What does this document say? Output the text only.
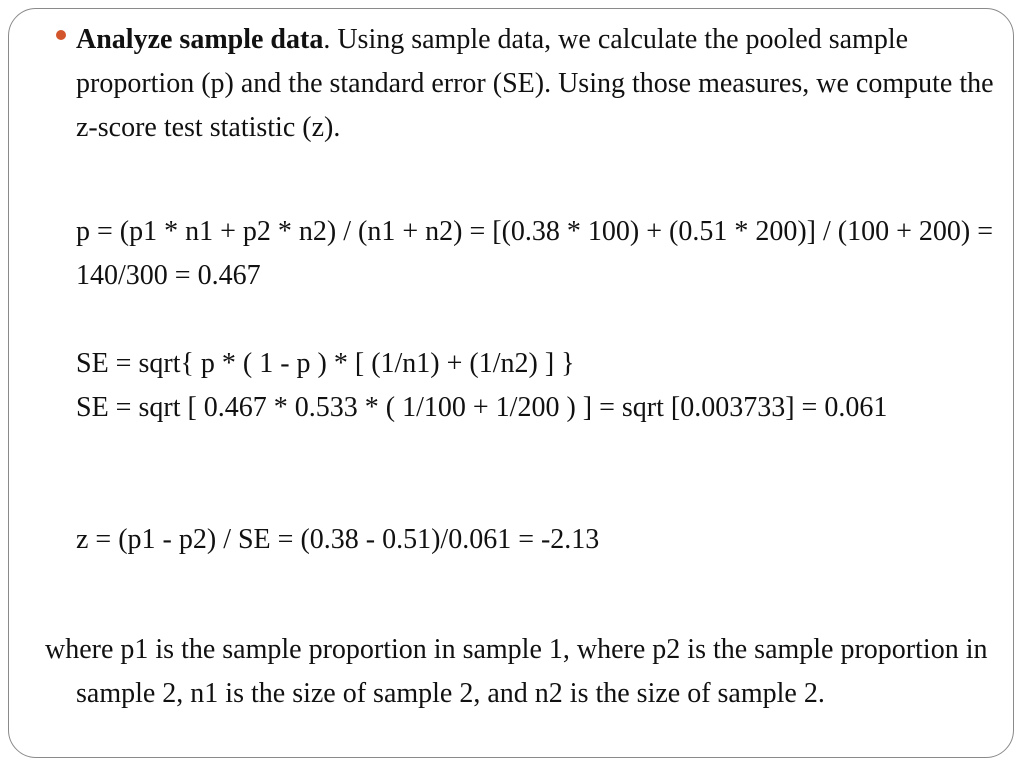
Analyze sample data. Using sample data, we calculate the pooled sample proportion (p) and the standard error (SE). Using those measures, we compute the z-score test statistic (z).
p = (p1 * n1 + p2 * n2) / (n1 + n2) = [(0.38 * 100) + (0.51 * 200)] / (100 + 200) = 140/300 = 0.467
SE = sqrt{ p * ( 1 - p ) * [ (1/n1) + (1/n2) ] }
SE = sqrt [ 0.467 * 0.533 * ( 1/100 + 1/200 ) ] = sqrt [0.003733] = 0.061
z = (p1 - p2) / SE = (0.38 - 0.51)/0.061 = -2.13
where p1 is the sample proportion in sample 1, where p2 is the sample proportion in sample 2, n1 is the size of sample 2, and n2 is the size of sample 2.
